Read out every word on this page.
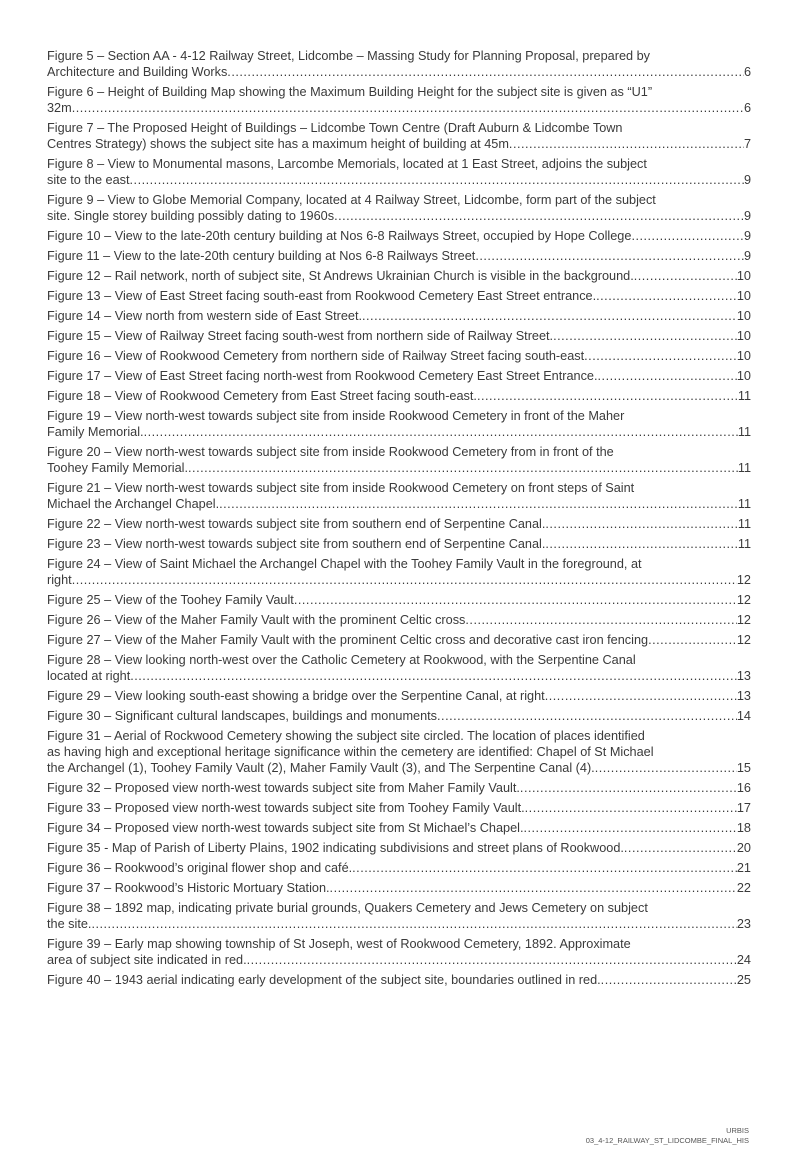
Figure 5 – Section AA - 4-12 Railway Street, Lidcombe – Massing Study for Planning Proposal, prepared by
Architecture and Building Works .....	6
Figure 6 – Height of Building Map showing the Maximum Building Height for the subject site is given as “U1”
32m .....	6
Figure 7 – The Proposed Height of Buildings – Lidcombe Town Centre (Draft Auburn & Lidcombe Town
Centres Strategy) shows the subject site has a maximum height of building at 45m .....	7
Figure 8 – View to Monumental masons, Larcombe Memorials, located at 1 East Street, adjoins the subject
site to the east .....	9
Figure 9 – View to Globe Memorial Company, located at 4 Railway Street, Lidcombe, form part of the subject
site. Single storey building possibly dating to 1960s .....	9
Figure 10 – View to the late-20th century building at Nos 6-8 Railways Street, occupied by Hope College .....	9
Figure 11 – View to the late-20th century building at Nos 6-8 Railways Street .....	9
Figure 12 – Rail network, north of subject site, St Andrews Ukrainian Church is visible in the background. .....	10
Figure 13 – View of East Street facing south-east from Rookwood Cemetery East Street entrance. .....	10
Figure 14 – View north from western side of East Street. .....	10
Figure 15 – View of Railway Street facing south-west from northern side of Railway Street. .....	10
Figure 16 – View of Rookwood Cemetery from northern side of Railway Street facing south-east .....	10
Figure 17 – View of East Street facing north-west from Rookwood Cemetery East Street Entrance. .....	10
Figure 18 – View of Rookwood Cemetery from East Street facing south-east. .....	11
Figure 19 – View north-west towards subject site from inside Rookwood Cemetery in front of the Maher
Family Memorial. .....	11
Figure 20 – View north-west towards subject site from inside Rookwood Cemetery from in front of the
Toohey Family Memorial. .....	11
Figure 21 – View north-west towards subject site from inside Rookwood Cemetery on front steps of Saint
Michael the Archangel Chapel. .....	11
Figure 22 – View north-west towards subject site from southern end of Serpentine Canal. .....	11
Figure 23 – View north-west towards subject site from southern end of Serpentine Canal. .....	11
Figure 24 – View of Saint Michael the Archangel Chapel with the Toohey Family Vault in the foreground, at
right .....	12
Figure 25 – View of the Toohey Family Vault .....	12
Figure 26 – View of the Maher Family Vault with the prominent Celtic cross .....	12
Figure 27 – View of the Maher Family Vault with the prominent Celtic cross and decorative cast iron fencing .....	12
Figure 28 – View looking north-west over the Catholic Cemetery at Rookwood, with the Serpentine Canal
located at right .....	13
Figure 29 – View looking south-east showing a bridge over the Serpentine Canal, at right .....	13
Figure 30 – Significant cultural landscapes, buildings and monuments .....	14
Figure 31 – Aerial of Rockwood Cemetery showing the subject site circled. The location of places identified
as having high and exceptional heritage significance within the cemetery are identified: Chapel of St Michael
the Archangel (1), Toohey Family Vault (2), Maher Family Vault (3), and The Serpentine Canal (4). .....	15
Figure 32 – Proposed view north-west towards subject site from Maher Family Vault. .....	16
Figure 33 – Proposed view north-west towards subject site from Toohey Family Vault. .....	17
Figure 34 – Proposed view north-west towards subject site from St Michael’s Chapel. .....	18
Figure 35 - Map of Parish of Liberty Plains, 1902 indicating subdivisions and street plans of Rookwood. .....	20
Figure 36 – Rookwood’s original flower shop and café. .....	21
Figure 37 – Rookwood’s Historic Mortuary Station. .....	22
Figure 38 – 1892 map, indicating private burial grounds, Quakers Cemetery and Jews Cemetery on subject
the site. .....	23
Figure 39 – Early map showing township of St Joseph, west of Rookwood Cemetery, 1892. Approximate
area of subject site indicated in red. .....	24
Figure 40 – 1943 aerial indicating early development of the subject site, boundaries outlined in red. .....	25
URBIS
03_4-12_RAILWAY_ST_LIDCOMBE_FINAL_HIS
